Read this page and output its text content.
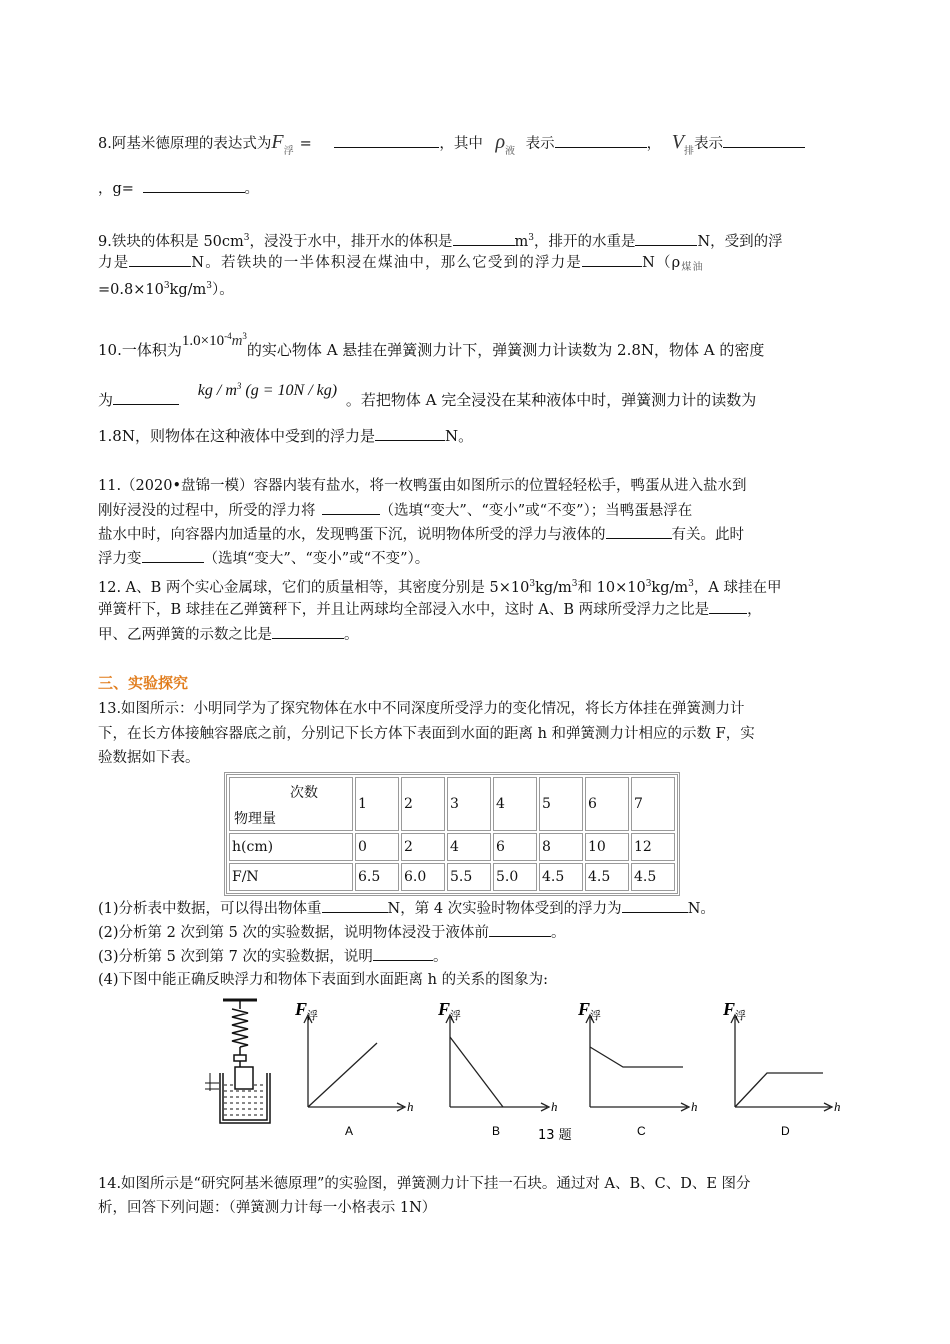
8.阿基米德原理的表达式为$F_浮$ =	，其中 $\rho_液$ 表示	， $V_排$表示
，g=	。
9.铁块的体积是 $50cm^3$，浸没于水中，排开水的体积是	$m^3$，排开的水重是	N，受到的浮
力是	N。若铁块的一半体积浸在煤油中，那么它受到的浮力是	$N(\rho_{煤油}$
$=0.8\times 10^3kg/m^3$）。
10.一体积为$1.0\times 10^{-4}m^3$的实心物体 A 悬挂在弹簧测力计下，弹簧测力计读数为 2.8N，物体 A 的密度
为 kg / $m^3$ (g = 10N / kg) 。若把物体 A 完全浸没在某种液体中时，弹簧测力计的读数为
1.8N，则物体在这种液体中受到的浮力是	N。
11.（2020•盘锦一模）容器内装有盐水，将一枚鸭蛋由如图所示的位置轻轻松手，鸭蛋从进入盐水到
刚好浸没的过程中，所受的浮力将	（选填“变大”、“变小”或“不变”）；当鸭蛋悬浮在
盐水中时，向容器内加适量的水，发现鸭蛋下沉，说明物体所受的浮力与液体的	有关。此时
浮力变	（选填“变大”、“变小”或“不变”）。
12. A、B 两个实心金属球，它们的质量相等，其密度分别是 $5\times 10^3kg/m^3$和 $10\times 10^3kg/m^3$，A 球挂在甲
弹簧杆下，B 球挂在乙弹簧秤下，并且让两球均全部浸入水中，这时 A、B 两球所受浮力之比是	，
甲、乙两弹簧的示数之比是	。
三、实验探究
13.如图所示：小明同学为了探究物体在水中不同深度所受浮力的变化情况，将长方体挂在弹簧测力计
下，在长方体接触容器底之前，分别记下长方体下表面到水面的距离 h 和弹簧测力计相应的示数 F，实
验数据如下表。
次数
物理量	1	2	3	4	5	6	7
h(cm)	0	2	4	6	8	10	12
F/N	6.5	6.0	5.5	5.0	4.5	4.5	4.5
(1)分析表中数据，可以得出物体重	N，第 4 次实验时物体受到的浮力为	N。
(2)分析第 2 次到第 5 次的实验数据，说明物体浸没于液体前	。
(3)分析第 5 次到第 7 次的实验数据，说明	。
(4)下图中能正确反映浮力和物体下表面到水面距离 h 的关系的图象为:
F 浮
h
A
F 浮
h
B	13 题
F 浮
h
C
F 浮
h
D
14.如图所示是“研究阿基米德原理”的实验图，弹簧测力计下挂一石块。通过对 A、B、C、D、E 图分
析，回答下列问题：（弹簧测力计每一小格表示 1N）
